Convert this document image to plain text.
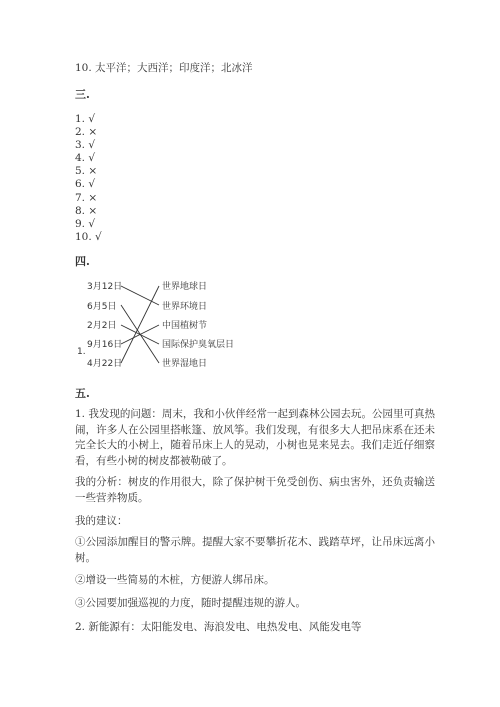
10. 太平洋；大西洋；印度洋；北冰洋
三.
1. √
2. ×
3. √
4. √
5. ×
6. √
7. ×
8. ×
9. √
10. √
四.
1.
3月12日
6月5日
2月2日
9月16日
4月22日
世界地球日
世界环境日
中国植树节
国际保护臭氧层日
世界湿地日
五.
1. 我发现的问题：周末，我和小伙伴经常一起到森林公园去玩。公园里可真热闹，许多人在公园里搭帐篷、放风筝。我们发现，有很多大人把吊床系在还未完全长大的小树上，随着吊床上人的晃动，小树也晃来晃去。我们走近仔细察看，有些小树的树皮都被勒破了。
我的分析：树皮的作用很大，除了保护树干免受创伤、病虫害外，还负责输送一些营养物质。
我的建议：
①公园添加醒目的警示牌。提醒大家不要攀折花木、践踏草坪，让吊床远离小树。
②增设一些简易的木桩，方便游人绑吊床。
③公园要加强巡视的力度，随时提醒违规的游人。
2. 新能源有：太阳能发电、海浪发电、电热发电、风能发电等
